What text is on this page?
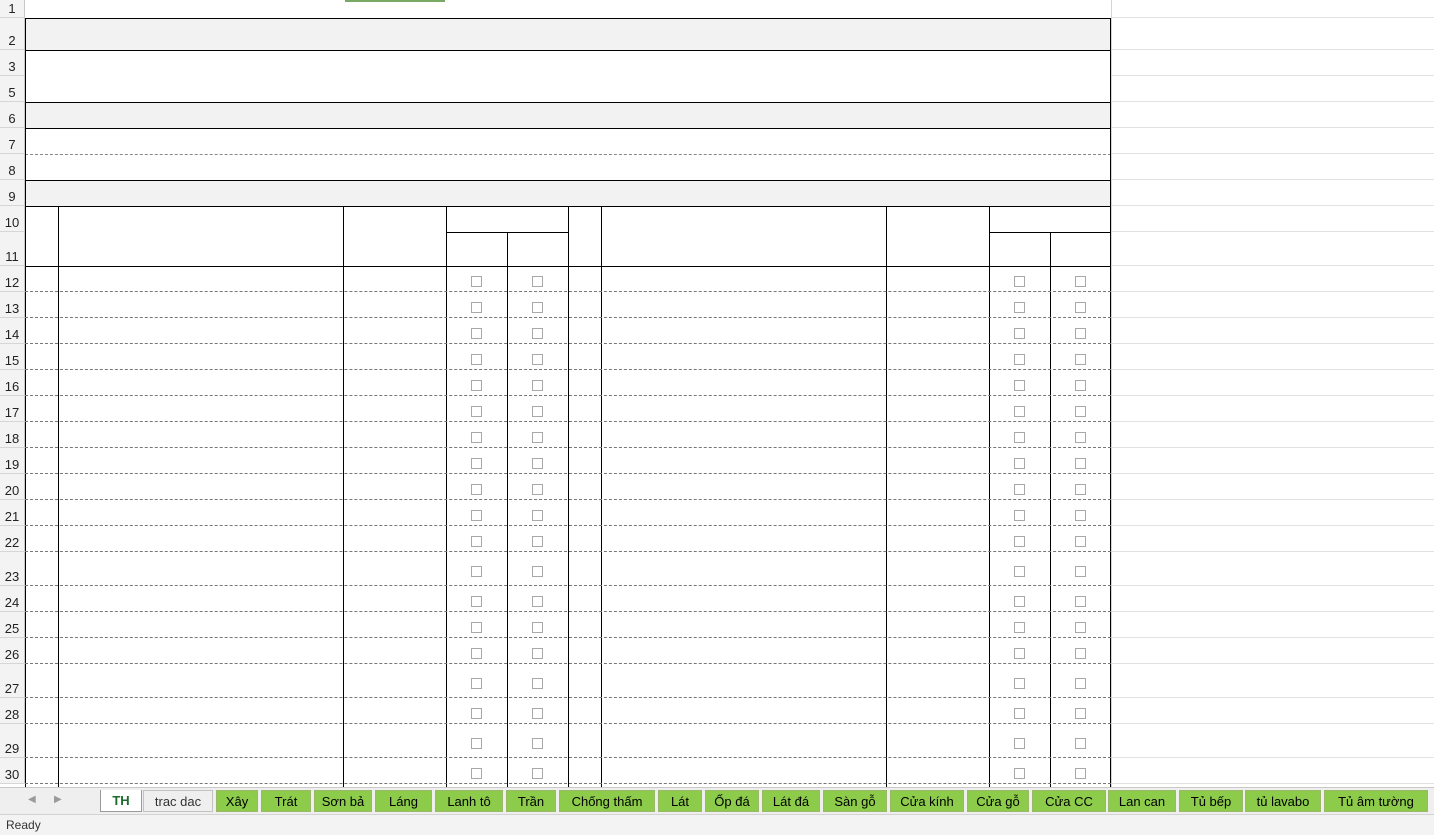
1
2
3
5
6
7
8
9
10
11
12
13
14
15
16
17
18
19
20
21
22
23
24
25
26
27
28
29
30
◀ ▶	TH	trac dac	Xây	Trát	Sơn bả	Láng	Lanh tô	Trần	Chống thấm	Lát	Ốp đá	Lát đá	Sàn gỗ	Cửa kính	Cửa gỗ	Cửa CC	Lan can	Tủ bếp	tủ lavabo	Tủ âm tường
Ready
